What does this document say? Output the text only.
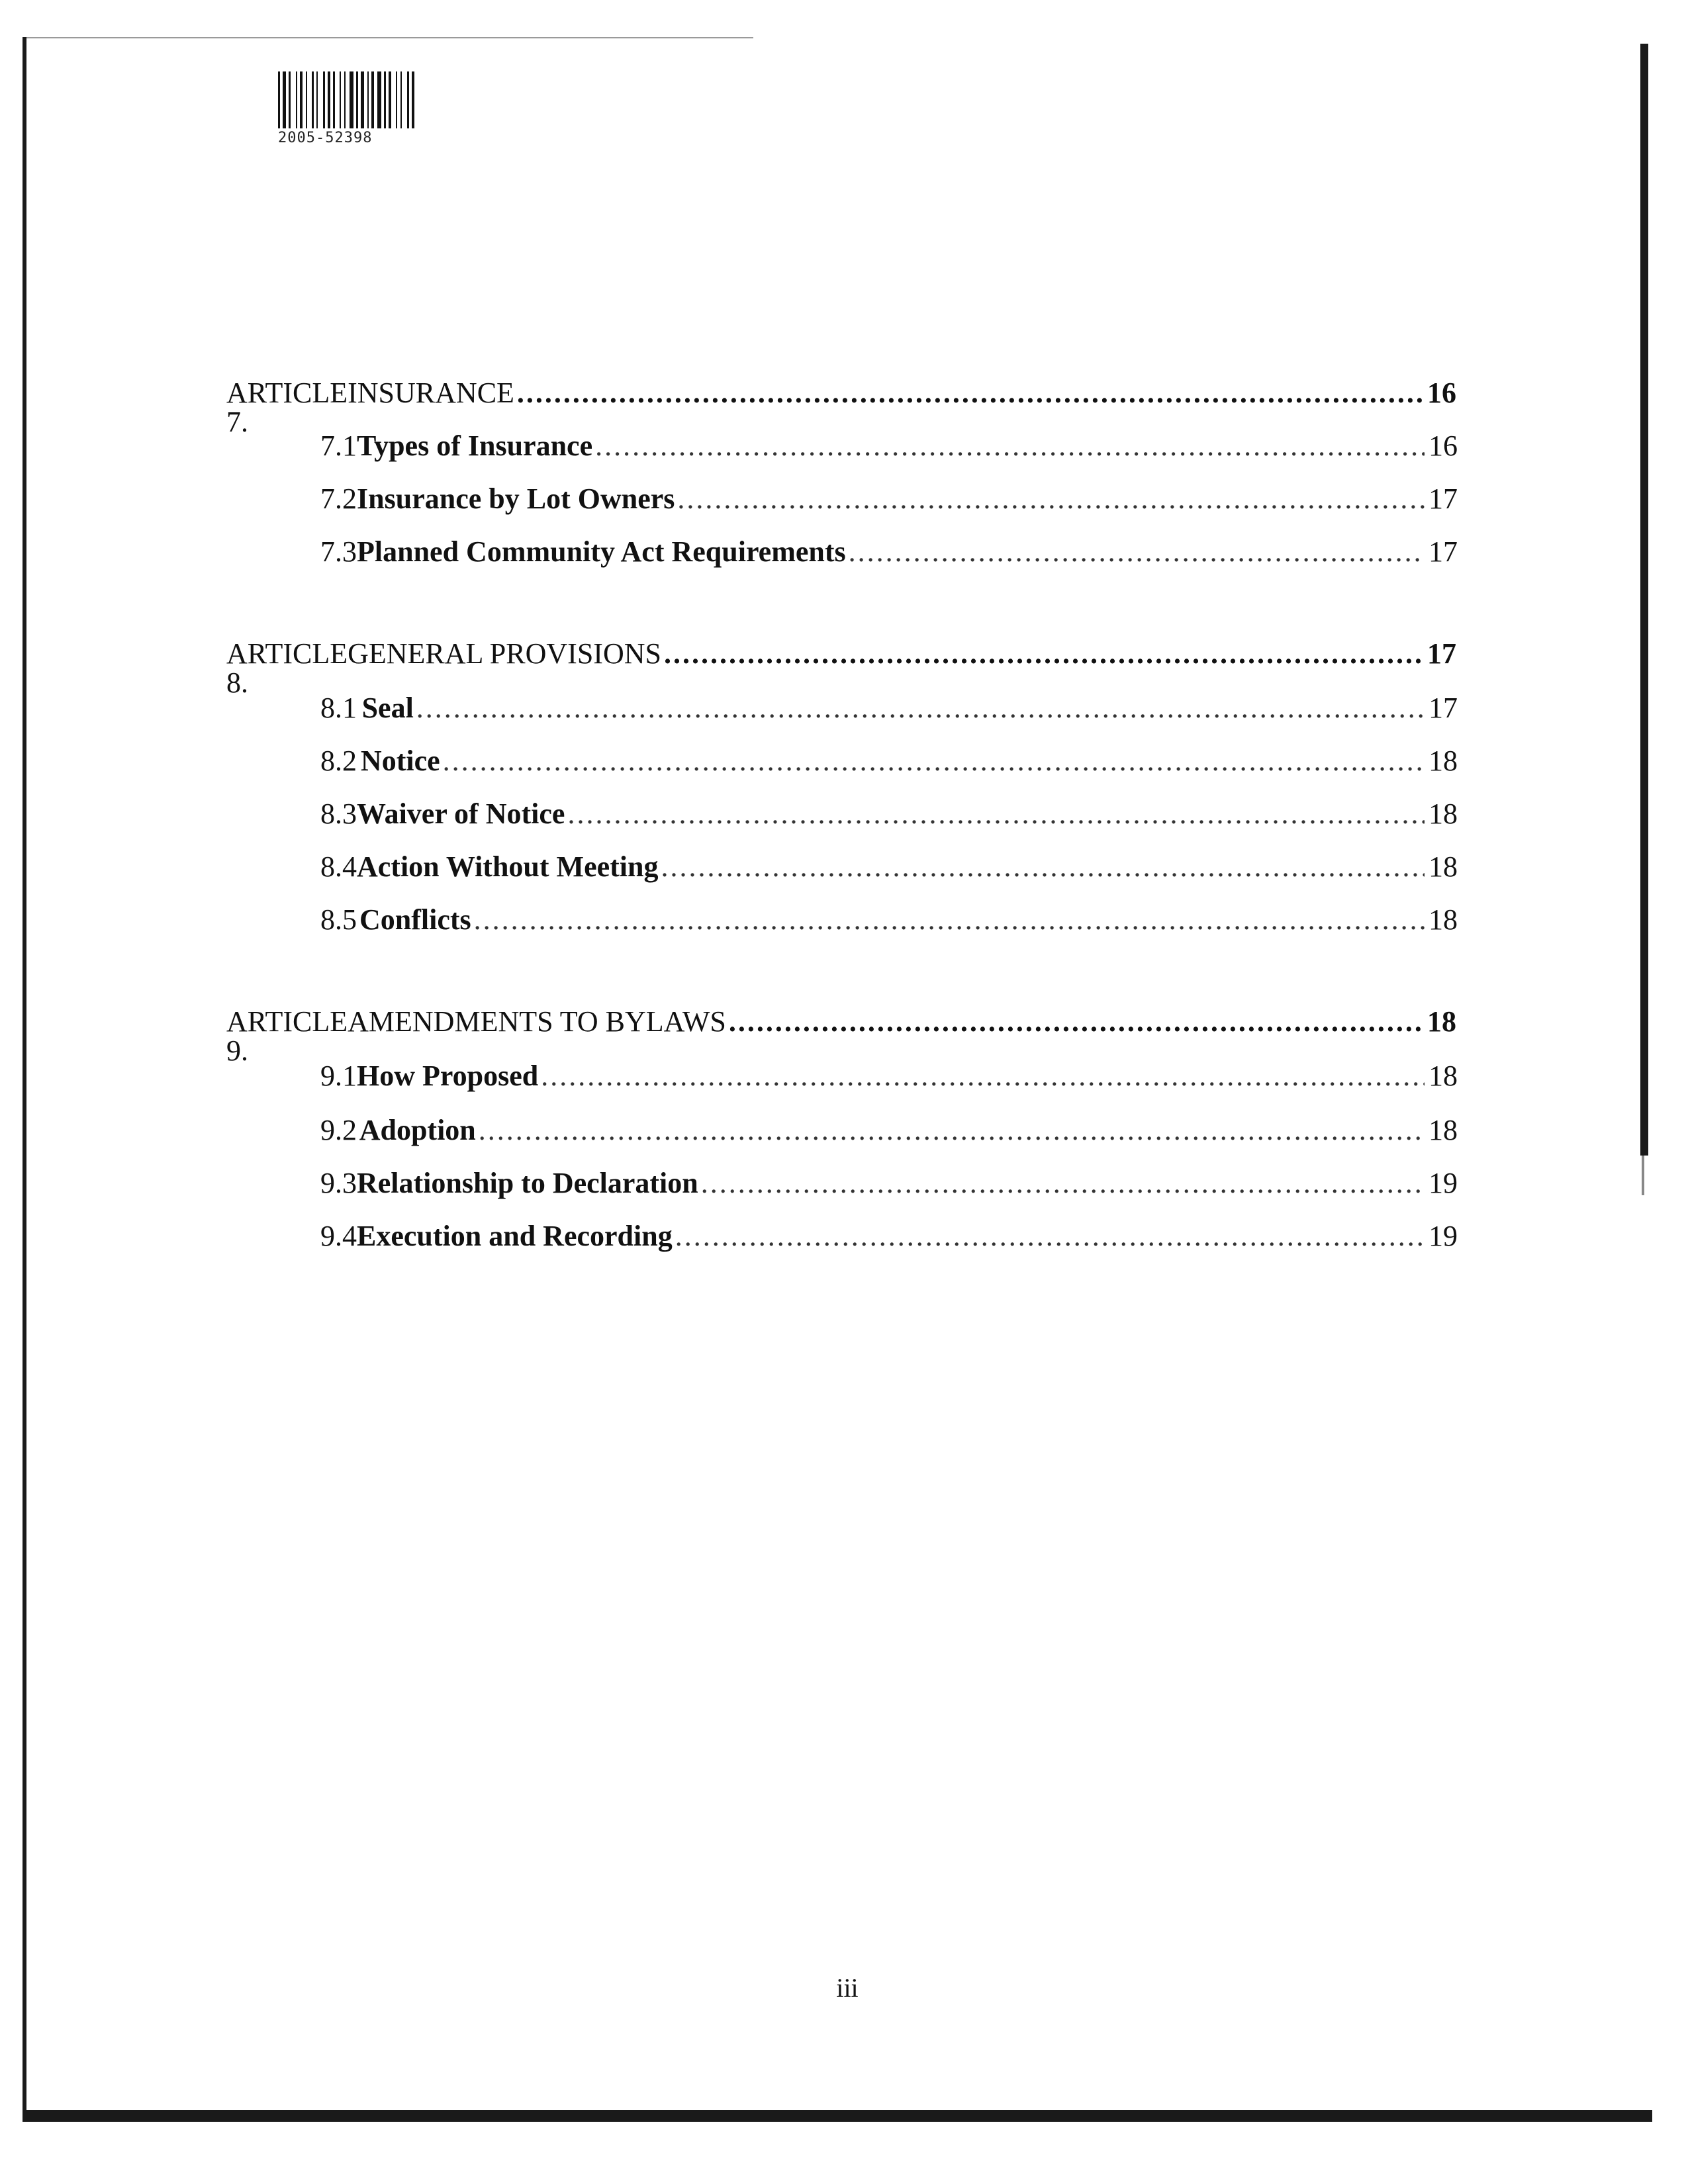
2005-52398
ARTICLE 7.
INSURANCE .....	16
7.1 Types of Insurance .....	16
7.2 Insurance by Lot Owners .....	17
7.3 Planned Community Act Requirements .....	17
ARTICLE 8.
GENERAL PROVISIONS .....	17
8.1 Seal .....	17
8.2 Notice .....	18
8.3 Waiver of Notice .....	18
8.4 Action Without Meeting .....	18
8.5 Conflicts .....	18
ARTICLE 9.
AMENDMENTS TO BYLAWS .....	18
9.1 How Proposed .....	18
9.2 Adoption .....	18
9.3 Relationship to Declaration .....	19
9.4 Execution and Recording .....	19
iii
